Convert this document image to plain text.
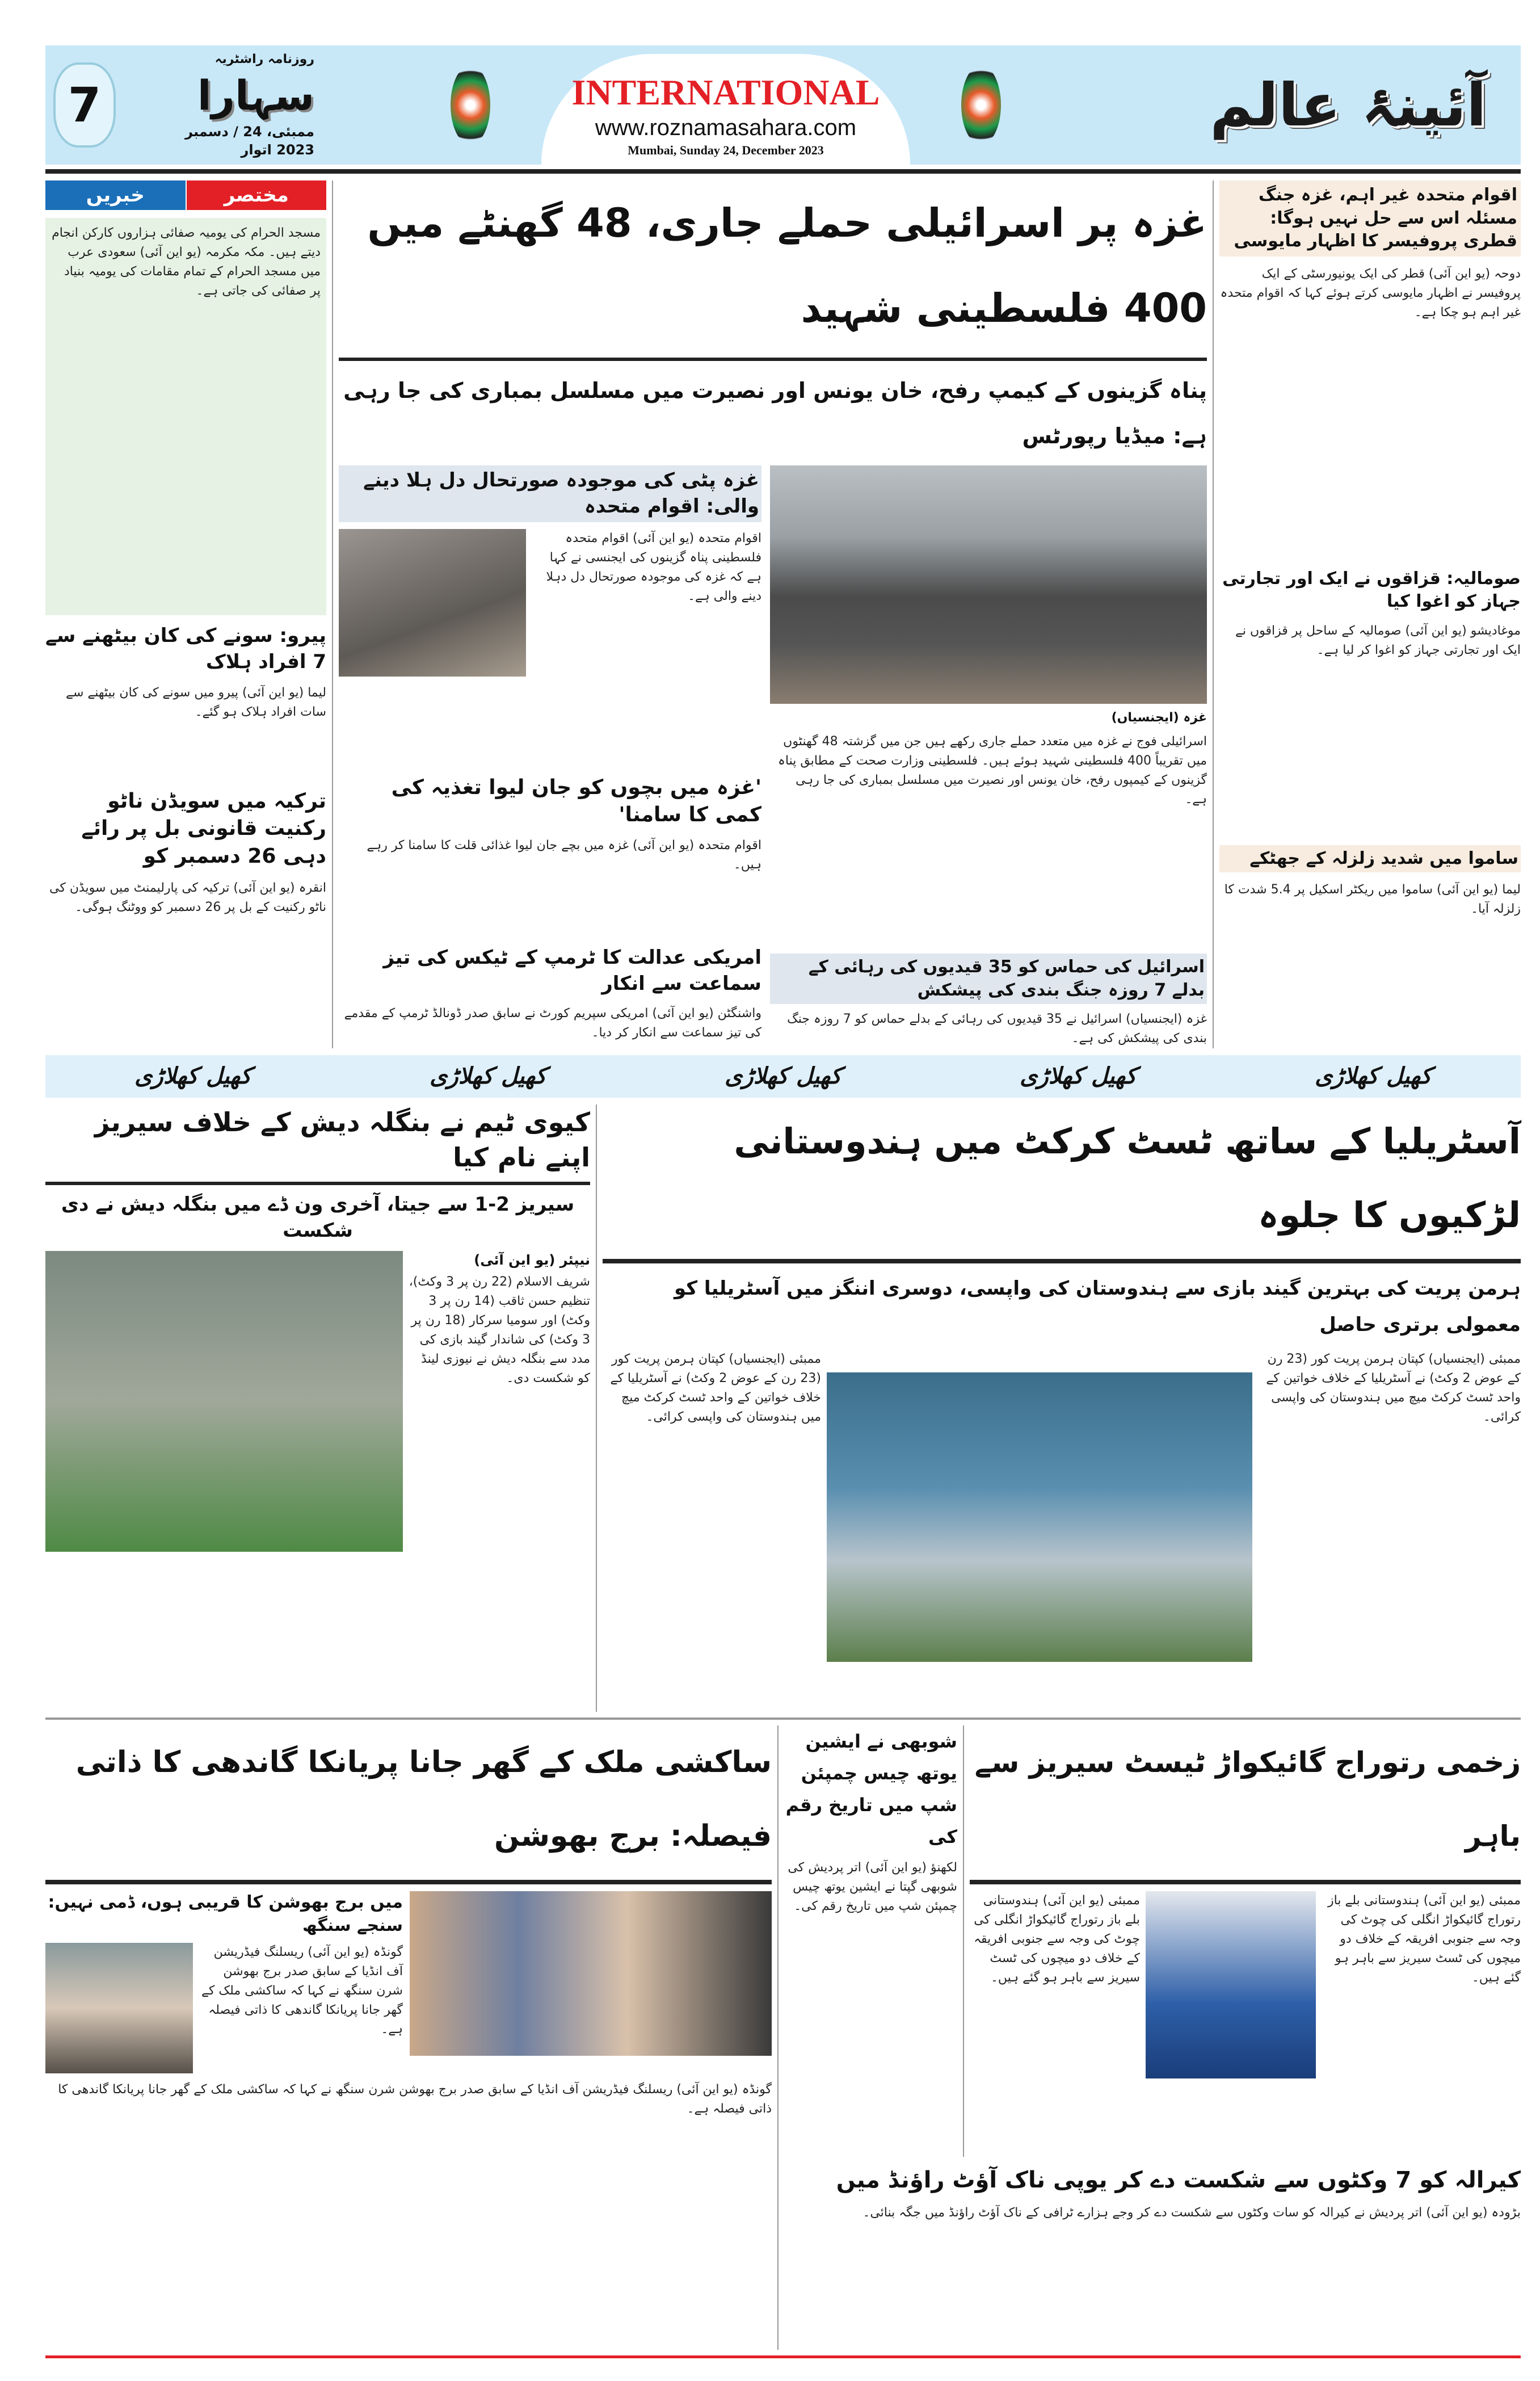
7
روزنامہ راشٹریہ
سہارا
ممبئی، 24 / دسمبر 2023 اتوار
INTERNATIONAL
www.roznamasahara.com
Mumbai, Sunday 24, December 2023
آئینۂ عالم
خبریں	مختصر
مسجد الحرام کی یومیہ صفائی ہزاروں کارکن انجام دیتے ہیں۔ مکہ مکرمہ (یو این آئی) سعودی عرب میں مسجد الحرام کے تمام مقامات کی یومیہ بنیاد پر صفائی کی جاتی ہے۔
پیرو: سونے کی کان بیٹھنے سے 7 افراد ہلاک
لیما (یو این آئی) پیرو میں سونے کی کان بیٹھنے سے سات افراد ہلاک ہو گئے۔
ترکیہ میں سویڈن ناٹو رکنیت قانونی بل پر رائے دہی 26 دسمبر کو
انقرہ (یو این آئی) ترکیہ کی پارلیمنٹ میں سویڈن کی ناٹو رکنیت کے بل پر 26 دسمبر کو ووٹنگ ہوگی۔
غزہ پر اسرائیلی حملے جاری، 48 گھنٹے میں 400 فلسطینی شہید
پناہ گزینوں کے کیمپ رفح، خان یونس اور نصیرت میں مسلسل بمباری کی جا رہی ہے: میڈیا رپورٹس
غزہ پٹی کی موجودہ صورتحال دل ہلا دینے والی: اقوام متحدہ
اقوام متحدہ (یو این آئی) اقوام متحدہ فلسطینی پناہ گزینوں کی ایجنسی نے کہا ہے کہ غزہ کی موجودہ صورتحال دل دہلا دینے والی ہے۔
'غزہ میں بچوں کو جان لیوا تغذیہ کی کمی کا سامنا'
اقوام متحدہ (یو این آئی) غزہ میں بچے جان لیوا غذائی قلت کا سامنا کر رہے ہیں۔
امریکی عدالت کا ٹرمپ کے ٹیکس کی تیز سماعت سے انکار
واشنگٹن (یو این آئی) امریکی سپریم کورٹ نے سابق صدر ڈونالڈ ٹرمپ کے مقدمے کی تیز سماعت سے انکار کر دیا۔
غزہ (ایجنسیاں)
اسرائیلی فوج نے غزہ میں متعدد حملے جاری رکھے ہیں جن میں گزشتہ 48 گھنٹوں میں تقریباً 400 فلسطینی شہید ہوئے ہیں۔ فلسطینی وزارت صحت کے مطابق پناہ گزینوں کے کیمپوں رفح، خان یونس اور نصیرت میں مسلسل بمباری کی جا رہی ہے۔
اسرائیل کی حماس کو 35 قیدیوں کی رہائی کے بدلے 7 روزہ جنگ بندی کی پیشکش
غزہ (ایجنسیاں) اسرائیل نے 35 قیدیوں کی رہائی کے بدلے حماس کو 7 روزہ جنگ بندی کی پیشکش کی ہے۔
اقوام متحدہ غیر اہم، غزہ جنگ مسئلہ اس سے حل نہیں ہوگا: قطری پروفیسر کا اظہار مایوسی
دوحہ (یو این آئی) قطر کی ایک یونیورسٹی کے ایک پروفیسر نے اظہار مایوسی کرتے ہوئے کہا کہ اقوام متحدہ غیر اہم ہو چکا ہے۔
صومالیہ: قزاقوں نے ایک اور تجارتی جہاز کو اغوا کیا
موغادیشو (یو این آئی) صومالیہ کے ساحل پر قزاقوں نے ایک اور تجارتی جہاز کو اغوا کر لیا ہے۔
ساموا میں شدید زلزلہ کے جھٹکے
لیما (یو این آئی) ساموا میں ریکٹر اسکیل پر 5.4 شدت کا زلزلہ آیا۔
کھیل کھلاڑی	کھیل کھلاڑی	کھیل کھلاڑی	کھیل کھلاڑی	کھیل کھلاڑی
کیوی ٹیم نے بنگلہ دیش کے خلاف سیریز اپنے نام کیا
سیریز 2-1 سے جیتا، آخری ون ڈے میں بنگلہ دیش نے دی شکست
نیپئر (یو این آئی)
شریف الاسلام (22 رن پر 3 وکٹ)، تنظیم حسن ثاقب (14 رن پر 3 وکٹ) اور سومیا سرکار (18 رن پر 3 وکٹ) کی شاندار گیند بازی کی مدد سے بنگلہ دیش نے نیوزی لینڈ کو شکست دی۔
آسٹریلیا کے ساتھ ٹسٹ کرکٹ میں ہندوستانی لڑکیوں کا جلوہ
ہرمن پریت کی بہترین گیند بازی سے ہندوستان کی واپسی، دوسری اننگز میں آسٹریلیا کو معمولی برتری حاصل
ممبئی (ایجنسیاں) کپتان ہرمن پریت کور (23 رن کے عوض 2 وکٹ) نے آسٹریلیا کے خلاف خواتین کے واحد ٹسٹ کرکٹ میچ میں ہندوستان کی واپسی کرائی۔
ممبئی (ایجنسیاں) کپتان ہرمن پریت کور (23 رن کے عوض 2 وکٹ) نے آسٹریلیا کے خلاف خواتین کے واحد ٹسٹ کرکٹ میچ میں ہندوستان کی واپسی کرائی۔
ساکشی ملک کے گھر جانا پریانکا گاندھی کا ذاتی فیصلہ: برج بھوشن
میں برج بھوشن کا قریبی ہوں، ڈمی نہیں: سنجے سنگھ
گونڈہ (یو این آئی) ریسلنگ فیڈریشن آف انڈیا کے سابق صدر برج بھوشن شرن سنگھ نے کہا کہ ساکشی ملک کے گھر جانا پریانکا گاندھی کا ذاتی فیصلہ ہے۔
گونڈہ (یو این آئی) ریسلنگ فیڈریشن آف انڈیا کے سابق صدر برج بھوشن شرن سنگھ نے کہا کہ ساکشی ملک کے گھر جانا پریانکا گاندھی کا ذاتی فیصلہ ہے۔
شوبھی نے ایشین یوتھ چیس چمپئن شپ میں تاریخ رقم کی
لکھنؤ (یو این آئی) اتر پردیش کی شوبھی گپتا نے ایشین یوتھ چیس چمپئن شپ میں تاریخ رقم کی۔
زخمی رتوراج گائیکواڑ ٹیسٹ سیریز سے باہر
ممبئی (یو این آئی) ہندوستانی بلے باز رتوراج گائیکواڑ انگلی کی چوٹ کی وجہ سے جنوبی افریقہ کے خلاف دو میچوں کی ٹسٹ سیریز سے باہر ہو گئے ہیں۔
ممبئی (یو این آئی) ہندوستانی بلے باز رتوراج گائیکواڑ انگلی کی چوٹ کی وجہ سے جنوبی افریقہ کے خلاف دو میچوں کی ٹسٹ سیریز سے باہر ہو گئے ہیں۔
کیرالہ کو 7 وکٹوں سے شکست دے کر یوپی ناک آؤٹ راؤنڈ میں
بڑودہ (یو این آئی) اتر پردیش نے کیرالہ کو سات وکٹوں سے شکست دے کر وجے ہزارے ٹرافی کے ناک آؤٹ راؤنڈ میں جگہ بنائی۔
